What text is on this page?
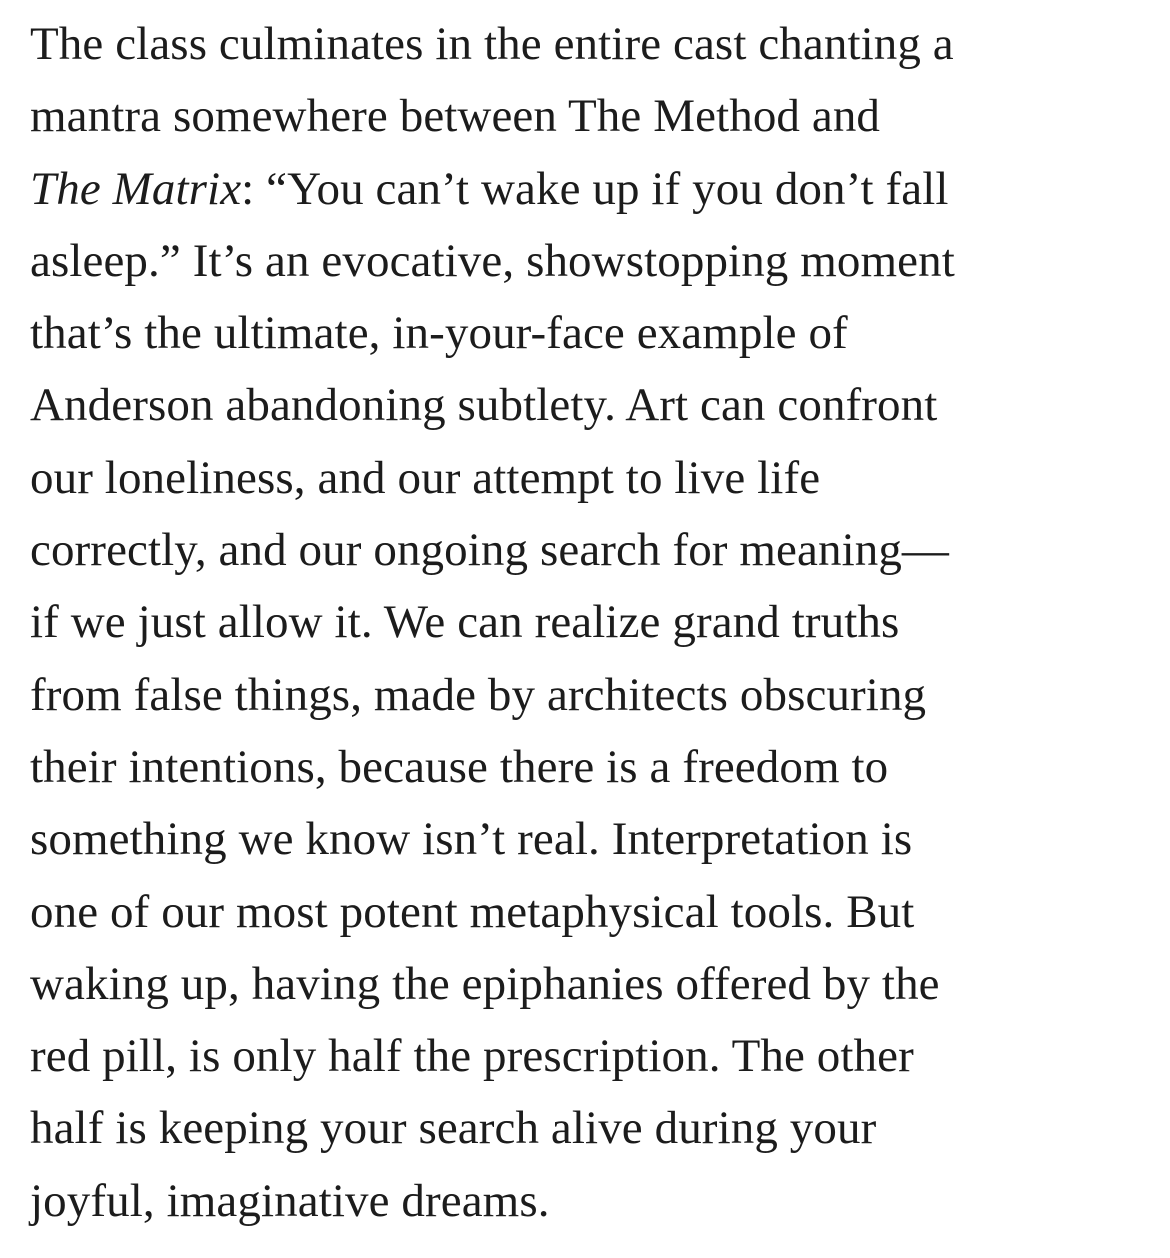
The class culminates in the entire cast chanting a
mantra somewhere between The Method and
The Matrix: “You can’t wake up if you don’t fall
asleep.” It’s an evocative, showstopping moment
that’s the ultimate, in-your-face example of
Anderson abandoning subtlety. Art can confront
our loneliness, and our attempt to live life
correctly, and our ongoing search for meaning—
if we just allow it. We can realize grand truths
from false things, made by architects obscuring
their intentions, because there is a freedom to
something we know isn’t real. Interpretation is
one of our most potent metaphysical tools. But
waking up, having the epiphanies offered by the
red pill, is only half the prescription. The other
half is keeping your search alive during your
joyful, imaginative dreams.
